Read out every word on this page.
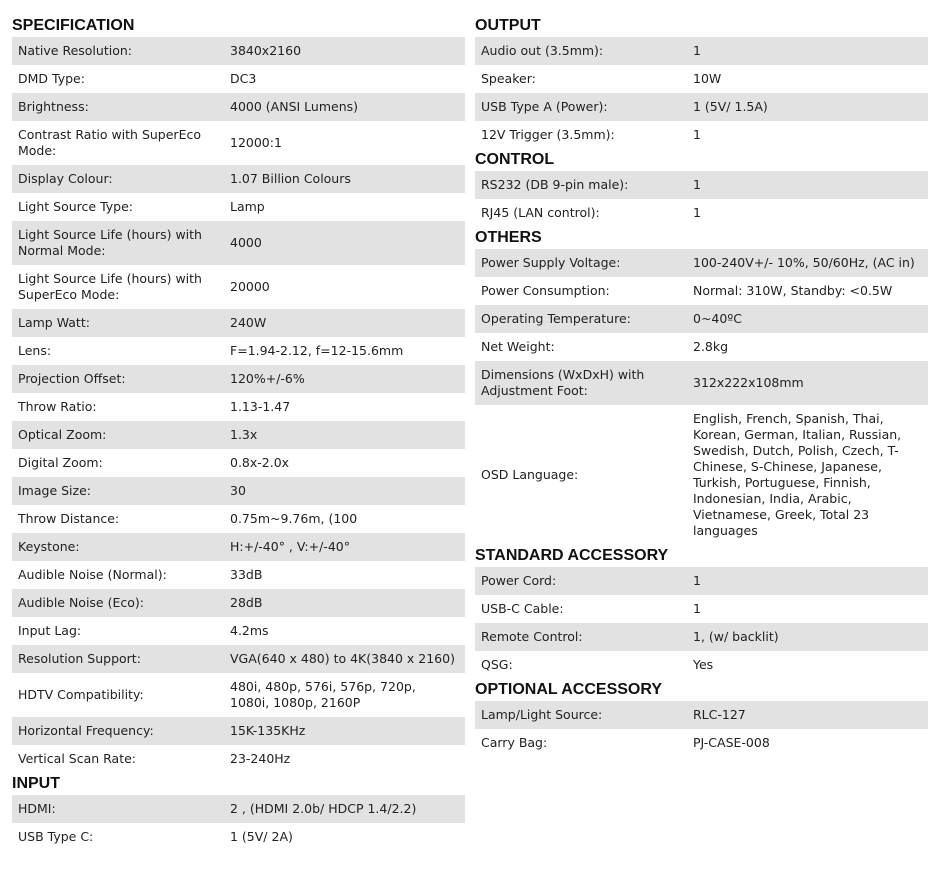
SPECIFICATION
Native Resolution:	3840x2160
DMD Type:	DC3
Brightness:	4000 (ANSI Lumens)
Contrast Ratio with SuperEco Mode:	12000:1
Display Colour:	1.07 Billion Colours
Light Source Type:	Lamp
Light Source Life (hours) with Normal Mode:	4000
Light Source Life (hours) with SuperEco Mode:	20000
Lamp Watt:	240W
Lens:	F=1.94-2.12, f=12-15.6mm
Projection Offset:	120%+/-6%
Throw Ratio:	1.13-1.47
Optical Zoom:	1.3x
Digital Zoom:	0.8x-2.0x
Image Size:	30
Throw Distance:	0.75m~9.76m, (100
Keystone:	H:+/-40° , V:+/-40°
Audible Noise (Normal):	33dB
Audible Noise (Eco):	28dB
Input Lag:	4.2ms
Resolution Support:	VGA(640 x 480) to 4K(3840 x 2160)
HDTV Compatibility:	480i, 480p, 576i, 576p, 720p, 1080i, 1080p, 2160P
Horizontal Frequency:	15K-135KHz
Vertical Scan Rate:	23-240Hz
INPUT
HDMI:	2 , (HDMI 2.0b/ HDCP 1.4/2.2)
USB Type C:	1 (5V/ 2A)
OUTPUT
Audio out (3.5mm):	1
Speaker:	10W
USB Type A (Power):	1 (5V/ 1.5A)
12V Trigger (3.5mm):	1
CONTROL
RS232 (DB 9-pin male):	1
RJ45 (LAN control):	1
OTHERS
Power Supply Voltage:	100-240V+/- 10%, 50/60Hz, (AC in)
Power Consumption:	Normal: 310W, Standby: <0.5W
Operating Temperature:	0~40ºC
Net Weight:	2.8kg
Dimensions (WxDxH) with Adjustment Foot:	312x222x108mm
OSD Language:	English, French, Spanish, Thai, Korean, German, Italian, Russian, Swedish, Dutch, Polish, Czech, T-Chinese, S-Chinese, Japanese, Turkish, Portuguese, Finnish, Indonesian, India, Arabic, Vietnamese, Greek, Total 23 languages
STANDARD ACCESSORY
Power Cord:	1
USB-C Cable:	1
Remote Control:	1, (w/ backlit)
QSG:	Yes
OPTIONAL ACCESSORY
Lamp/Light Source:	RLC-127
Carry Bag:	PJ-CASE-008
